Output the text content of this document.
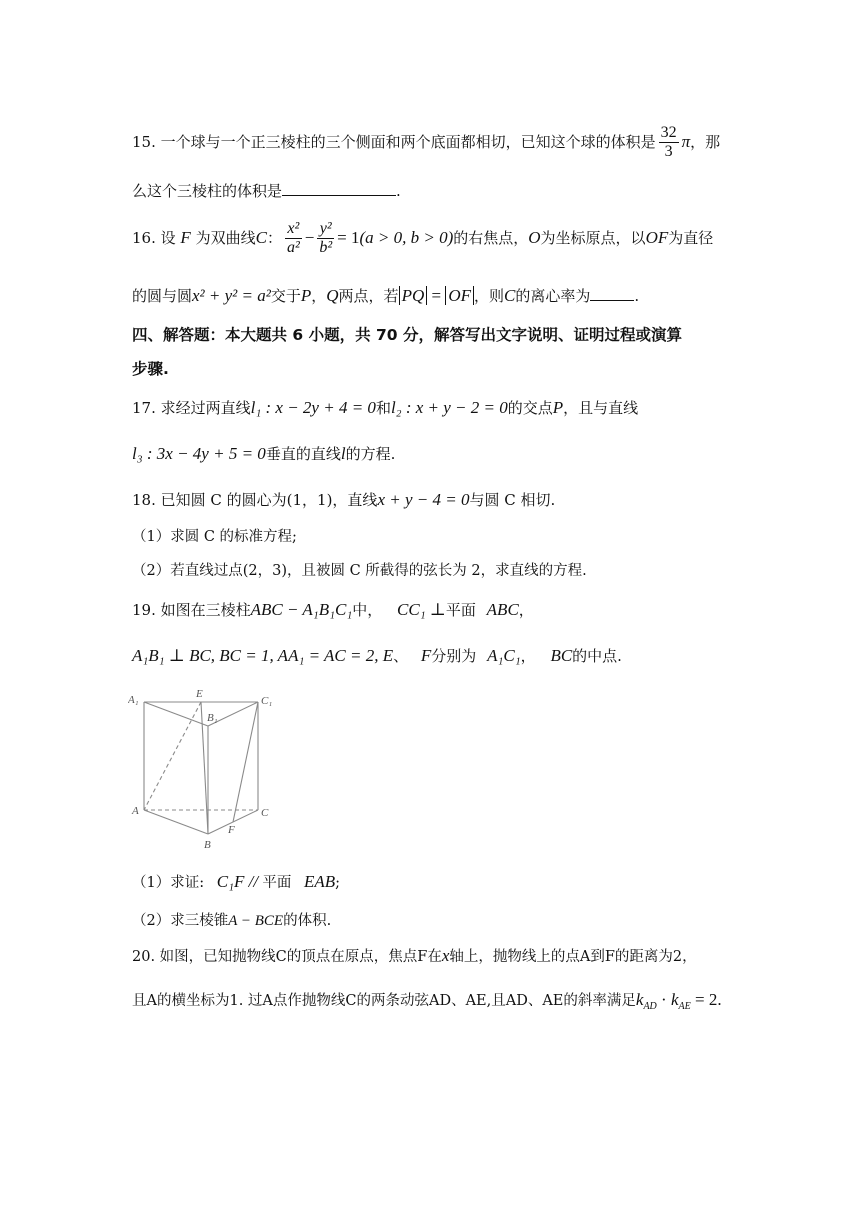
15. 一个球与一个正三棱柱的三个侧面和两个底面都相切，已知这个球的体积是 $\frac{32}{3}$ π，那
么这个三棱柱的体积是	.
16. 设 F 为双曲线C： $\frac{\text{x²}}{\text{a²}} - \frac{\text{y²}}{\text{b²}} = 1(a > 0$, b > 0)的右焦点，O为坐标原点，以OF为直径
的圆与圆x² + y² = a²交于P，Q两点，若 PQ = OF ，则C的离心率为	.
四、解答题：本大题共 6 小题，共 70 分，解答写出文字说明、证明过程或演算
步骤.
17. 求经过两直线l₁ : x − 2y + 4 = 0和l₂ : x + y − 2 = 0的交点P，且与直线
l₃ : 3x − 4y + 5 = 0垂直的直线l的方程.
18. 已知圆 C 的圆心为(1，1)，直线x + y − 4 = 0与圆 C 相切.
（1）求圆 C 的标准方程;
（2）若直线过点(2，3)，且被圆 C 所截得的弦长为 2，求直线的方程.
19. 如图在三棱柱ABC − A₁B₁C₁中， CC₁ ⊥平面 ABC，
A₁B₁ ⊥ BC, BC = 1, AA₁ = AC = 2, E、 F分别为 A₁C₁， BC的中点.
A₁	E
C₁
B₁
A	C
F
B
（1）求证: C₁F // 平面 EAB;
（2）求三棱锥A − BCE的体积.
20. 如图，已知抛物线C的顶点在原点，焦点F在x轴上，抛物线上的点A到F的距离为2，
且A的横坐标为1. 过A点作抛物线C的两条动弦AD、AE,且AD、AE的斜率满足$k_{AD} \cdot k_{AE} = 2$.
